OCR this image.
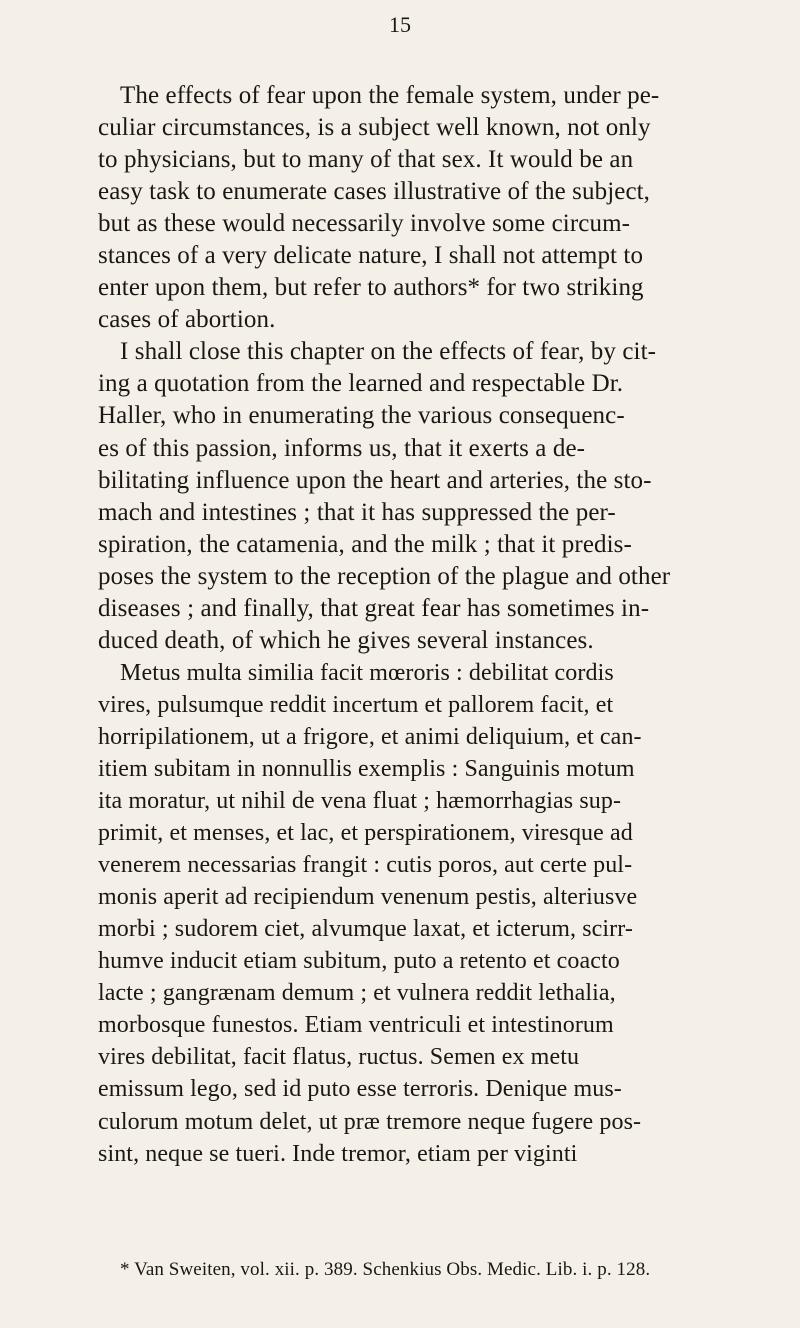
15
The effects of fear upon the female system, under pe-
culiar circumstances, is a subject well known, not only
to physicians, but to many of that sex. It would be an
easy task to enumerate cases illustrative of the subject,
but as these would necessarily involve some circum-
stances of a very delicate nature, I shall not attempt to
enter upon them, but refer to authors* for two striking
cases of abortion.
I shall close this chapter on the effects of fear, by cit-
ing a quotation from the learned and respectable Dr.
Haller, who in enumerating the various consequenc-
es of this passion, informs us, that it exerts a de-
bilitating influence upon the heart and arteries, the sto-
mach and intestines ; that it has suppressed the per-
spiration, the catamenia, and the milk ; that it predis-
poses the system to the reception of the plague and other
diseases ; and finally, that great fear has sometimes in-
duced death, of which he gives several instances.
Metus multa similia facit mœroris : debilitat cordis
vires, pulsumque reddit incertum et pallorem facit, et
horripilationem, ut a frigore, et animi deliquium, et can-
itiem subitam in nonnullis exemplis : Sanguinis motum
ita moratur, ut nihil de vena fluat ; hæmorrhagias sup-
primit, et menses, et lac, et perspirationem, viresque ad
venerem necessarias frangit : cutis poros, aut certe pul-
monis aperit ad recipiendum venenum pestis, alteriusve
morbi ; sudorem ciet, alvumque laxat, et icterum, scirr-
humve inducit etiam subitum, puto a retento et coacto
lacte ; gangrænam demum ; et vulnera reddit lethalia,
morbosque funestos. Etiam ventriculi et intestinorum
vires debilitat, facit flatus, ructus. Semen ex metu
emissum lego, sed id puto esse terroris. Denique mus-
culorum motum delet, ut præ tremore neque fugere pos-
sint, neque se tueri. Inde tremor, etiam per viginti
* Van Sweiten, vol. xii. p. 389. Schenkius Obs. Medic. Lib. i. p. 128.
